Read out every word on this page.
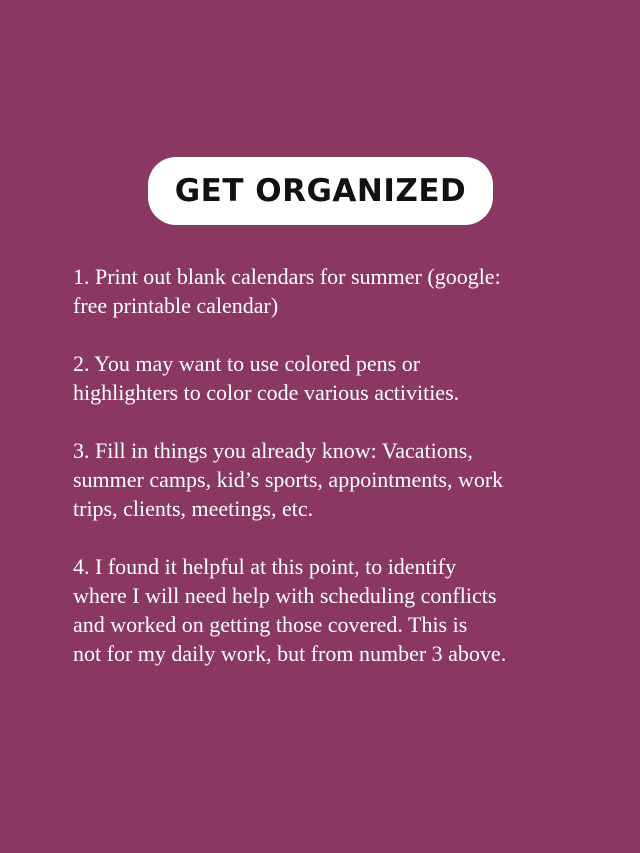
GET ORGANIZED

1. Print out blank calendars for summer (google:
free printable calendar)

2. You may want to use colored pens or
highlighters to color code various activities.

3. Fill in things you already know: Vacations,
summer camps, kid’s sports, appointments, work
trips, clients, meetings, etc.

4. I found it helpful at this point, to identify
where I will need help with scheduling conflicts
and worked on getting those covered. This is
not for my daily work, but from number 3 above.
